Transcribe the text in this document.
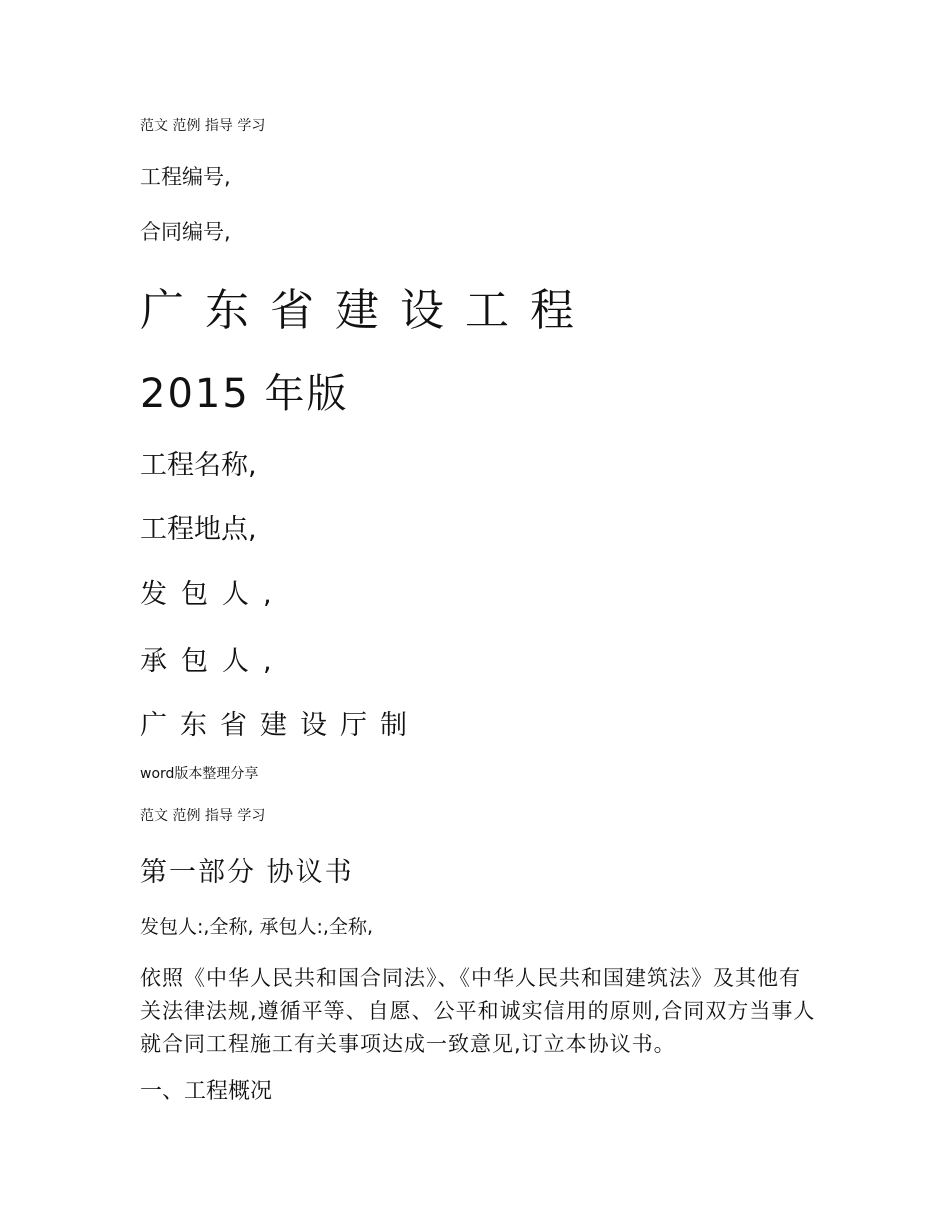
范文 范例 指导 学习

工程编号,

合同编号,

广东省建设工程

2015 年版

工程名称,

工程地点,

发包人,

承包人,

广东省建设厅制

word版本整理分享

范文 范例 指导 学习

第一部分 协议书

发包人:,全称, 承包人:,全称,

依照《中华人民共和国合同法》、《中华人民共和国建筑法》及其他有关法律法规,遵循平等、自愿、公平和诚实信用的原则,合同双方当事人就合同工程施工有关事项达成一致意见,订立本协议书。

一、工程概况
